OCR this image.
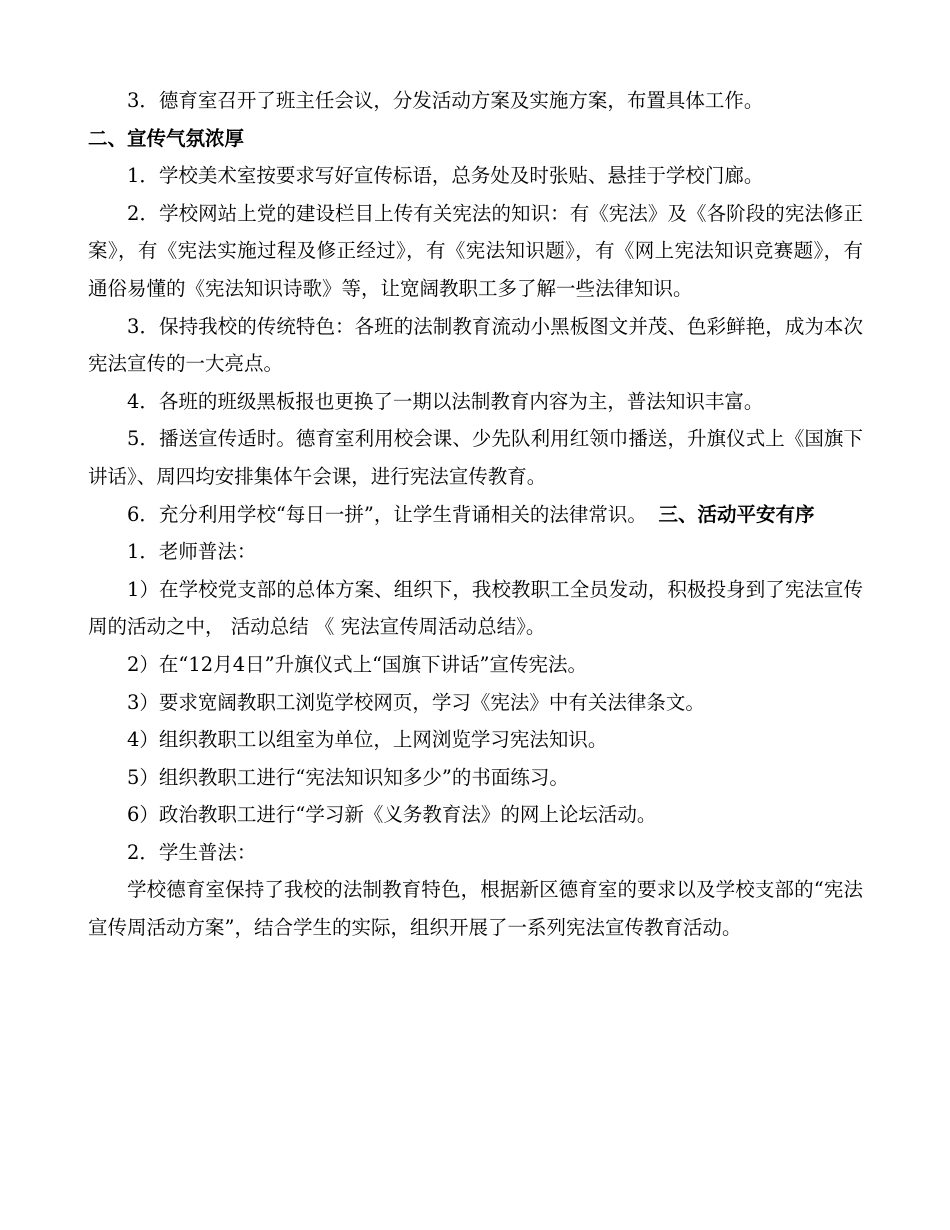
3．德育室召开了班主任会议，分发活动方案及实施方案，布置具体工作。

二、宣传气氛浓厚

1．学校美术室按要求写好宣传标语，总务处及时张贴、悬挂于学校门廊。

2．学校网站上党的建设栏目上传有关宪法的知识：有《宪法》及《各阶段的宪法修正案》，有《宪法实施过程及修正经过》，有《宪法知识题》，有《网上宪法知识竞赛题》，有通俗易懂的《宪法知识诗歌》等，让宽阔教职工多了解一些法律知识。

3．保持我校的传统特色：各班的法制教育流动小黑板图文并茂、色彩鲜艳，成为本次宪法宣传的一大亮点。

4．各班的班级黑板报也更换了一期以法制教育内容为主，普法知识丰富。

5．播送宣传适时。德育室利用校会课、少先队利用红领巾播送，升旗仪式上《国旗下讲话》、周四均安排集体午会课，进行宪法宣传教育。

6．充分利用学校“每日一拼”，让学生背诵相关的法律常识。 三、活动平安有序

1．老师普法：

1）在学校党支部的总体方案、组织下，我校教职工全员发动，积极投身到了宪法宣传周的活动之中， 活动总结 《 宪法宣传周活动总结》。

2）在“12月4日”升旗仪式上“国旗下讲话”宣传宪法。

3）要求宽阔教职工浏览学校网页，学习《宪法》中有关法律条文。

4）组织教职工以组室为单位，上网浏览学习宪法知识。

5）组织教职工进行“宪法知识知多少”的书面练习。

6）政治教职工进行“学习新《义务教育法》的网上论坛活动。

2．学生普法：

学校德育室保持了我校的法制教育特色，根据新区德育室的要求以及学校支部的“宪法宣传周活动方案”，结合学生的实际，组织开展了一系列宪法宣传教育活动。
